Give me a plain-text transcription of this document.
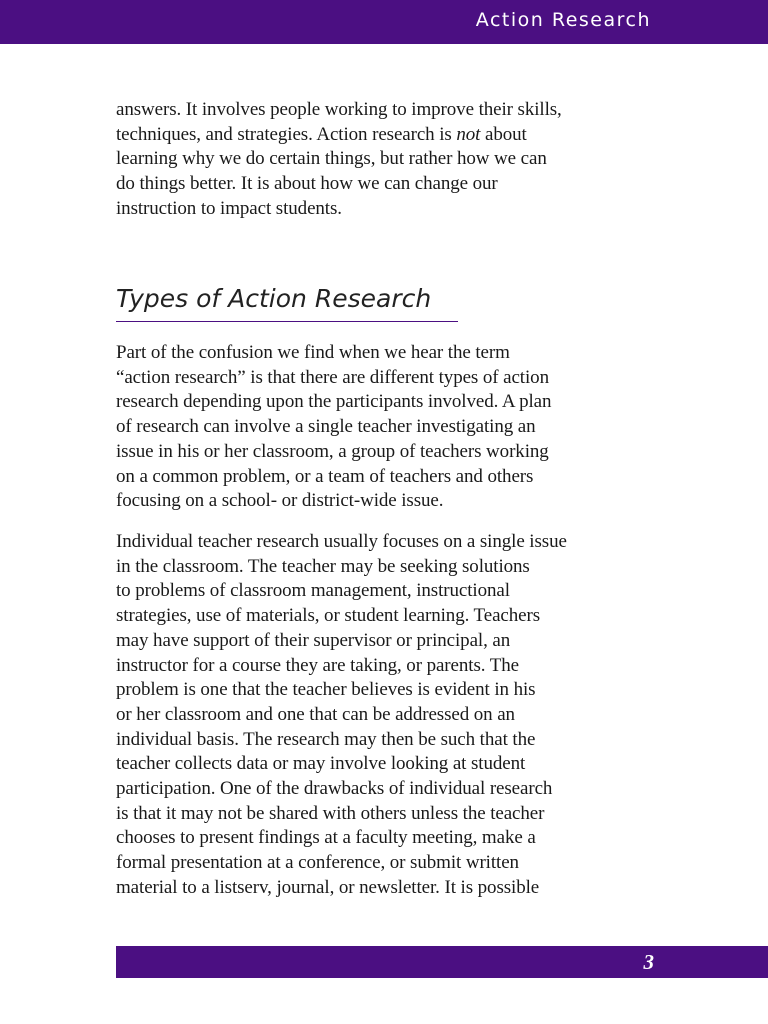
Action Research

answers. It involves people working to improve their skills,
techniques, and strategies. Action research is not about
learning why we do certain things, but rather how we can
do things better. It is about how we can change our
instruction to impact students.

Types of Action Research

Part of the confusion we find when we hear the term
“action research” is that there are different types of action
research depending upon the participants involved. A plan
of research can involve a single teacher investigating an
issue in his or her classroom, a group of teachers working
on a common problem, or a team of teachers and others
focusing on a school- or district-wide issue.

Individual teacher research usually focuses on a single issue
in the classroom. The teacher may be seeking solutions
to problems of classroom management, instructional
strategies, use of materials, or student learning. Teachers
may have support of their supervisor or principal, an
instructor for a course they are taking, or parents. The
problem is one that the teacher believes is evident in his
or her classroom and one that can be addressed on an
individual basis. The research may then be such that the
teacher collects data or may involve looking at student
participation. One of the drawbacks of individual research
is that it may not be shared with others unless the teacher
chooses to present findings at a faculty meeting, make a
formal presentation at a conference, or submit written
material to a listserv, journal, or newsletter. It is possible

3
